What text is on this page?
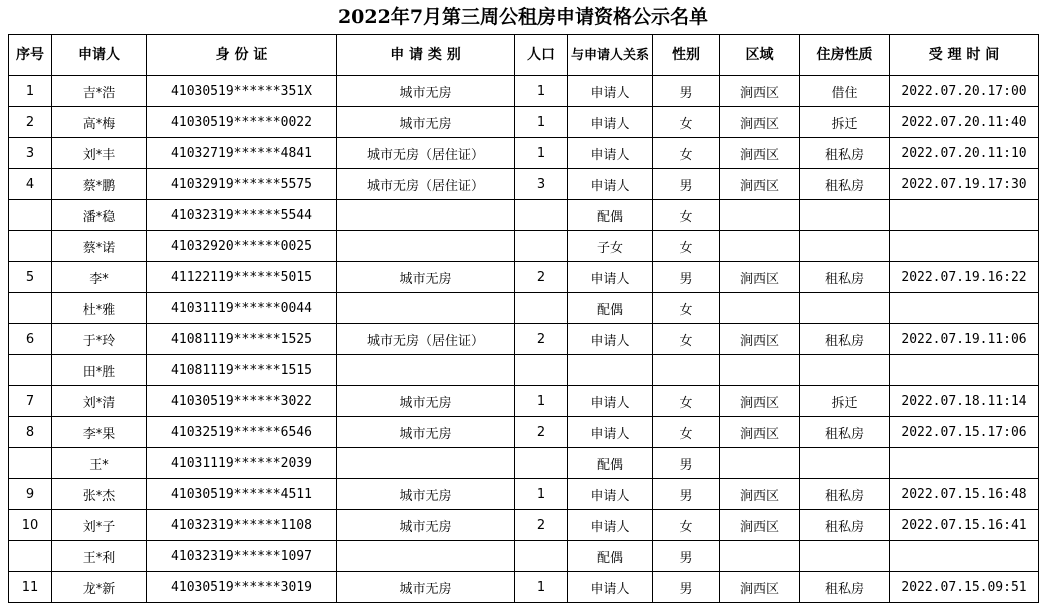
2022年7月第三周公租房申请资格公示名单
序号	申请人	身 份 证	申 请 类 别	人口	与申请人关系	性别	区域	住房性质	受 理 时 间
1	吉*浩	41030519******351X	城市无房	1	申请人	男	涧西区	借住	2022.07.20.17:00
2	高*梅	41030519******0022	城市无房	1	申请人	女	涧西区	拆迁	2022.07.20.11:40
3	刘*丰	41032719******4841	城市无房（居住证）	1	申请人	女	涧西区	租私房	2022.07.20.11:10
4	蔡*鹏	41032919******5575	城市无房（居住证）	3	申请人	男	涧西区	租私房	2022.07.19.17:30
	潘*稳	41032319******5544			配偶	女			
	蔡*诺	41032920******0025			子女	女			
5	李*	41122119******5015	城市无房	2	申请人	男	涧西区	租私房	2022.07.19.16:22
	杜*雅	41031119******0044			配偶	女			
6	于*玲	41081119******1525	城市无房（居住证）	2	申请人	女	涧西区	租私房	2022.07.19.11:06
	田*胜	41081119******1515							
7	刘*清	41030519******3022	城市无房	1	申请人	女	涧西区	拆迁	2022.07.18.11:14
8	李*果	41032519******6546	城市无房	2	申请人	女	涧西区	租私房	2022.07.15.17:06
	王*	41031119******2039			配偶	男			
9	张*杰	41030519******4511	城市无房	1	申请人	男	涧西区	租私房	2022.07.15.16:48
10	刘*子	41032319******1108	城市无房	2	申请人	女	涧西区	租私房	2022.07.15.16:41
	王*利	41032319******1097			配偶	男			
11	龙*新	41030519******3019	城市无房	1	申请人	男	涧西区	租私房	2022.07.15.09:51
